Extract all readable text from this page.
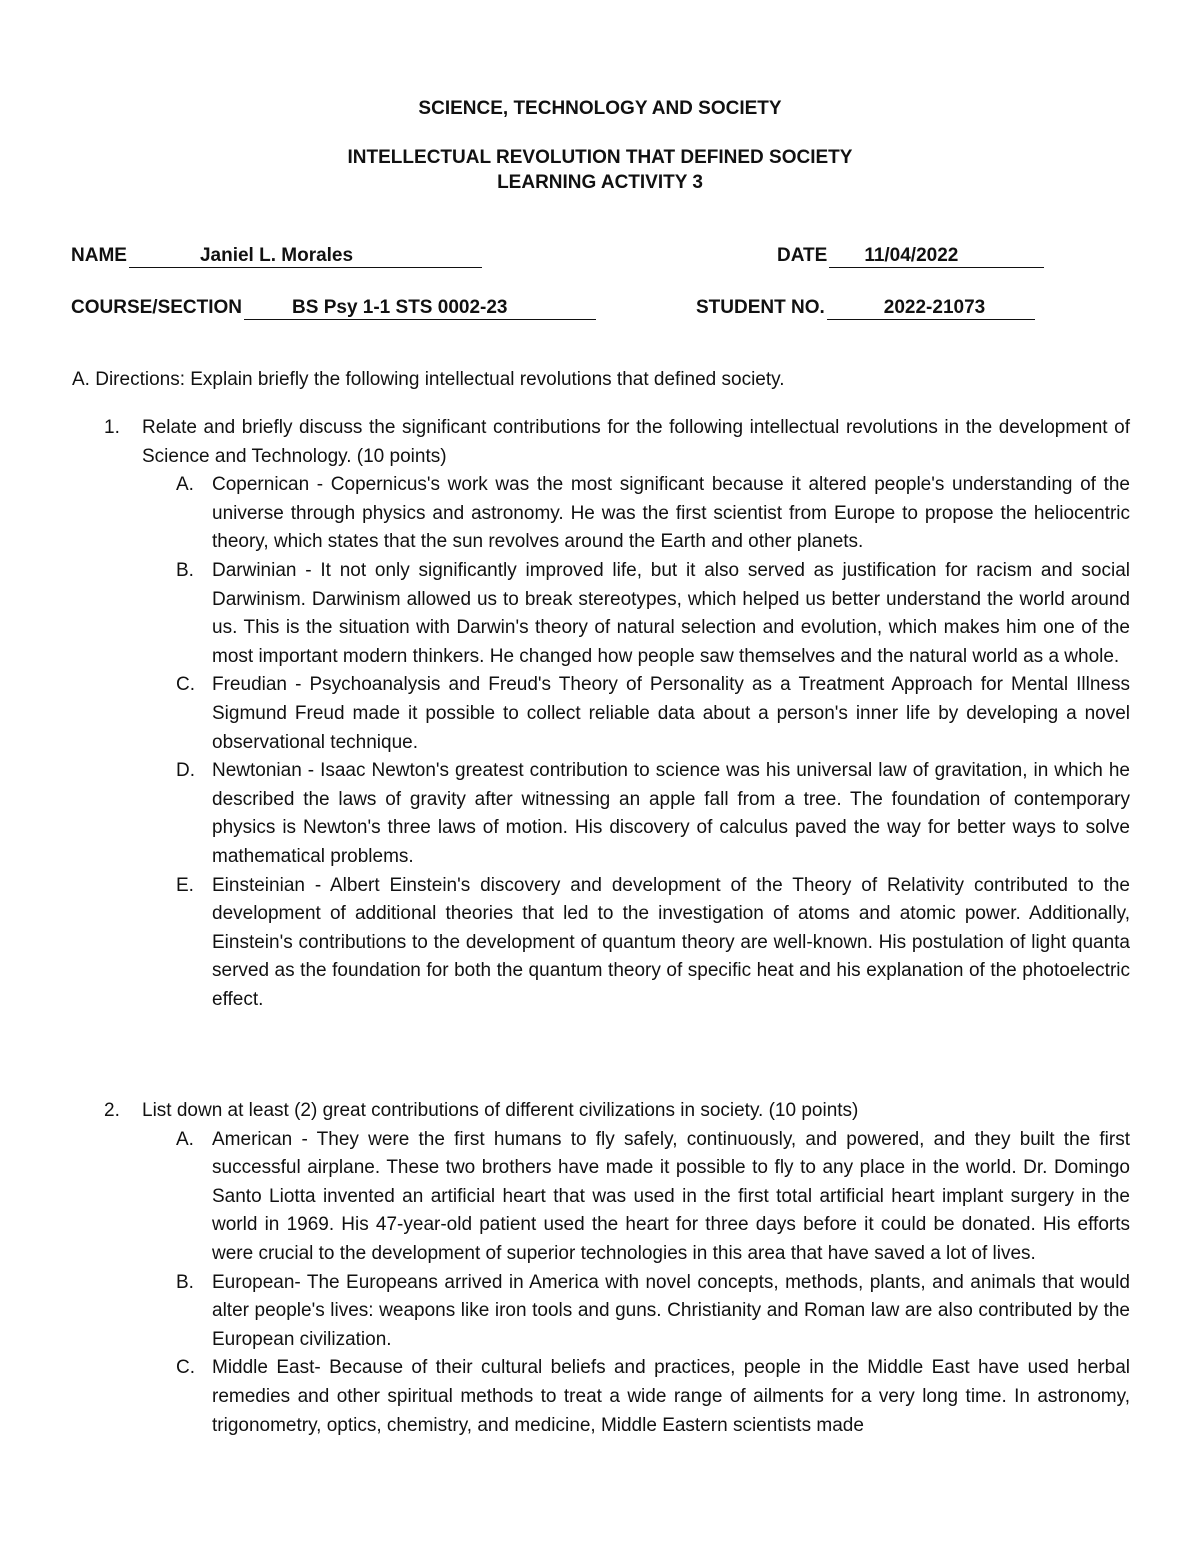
SCIENCE, TECHNOLOGY AND SOCIETY
INTELLECTUAL REVOLUTION THAT DEFINED SOCIETY
LEARNING ACTIVITY 3
NAME	Janiel L. Morales	DATE 11/04/2022
COURSE/SECTION	BS Psy 1-1 STS 0002-23	STUDENT NO.	2022-21073
A. Directions: Explain briefly the following intellectual revolutions that defined society.
1. Relate and briefly discuss the significant contributions for the following intellectual revolutions in the development of Science and Technology. (10 points)
A. Copernican - Copernicus's work was the most significant because it altered people's understanding of the universe through physics and astronomy. He was the first scientist from Europe to propose the heliocentric theory, which states that the sun revolves around the Earth and other planets.
B. Darwinian - It not only significantly improved life, but it also served as justification for racism and social Darwinism. Darwinism allowed us to break stereotypes, which helped us better understand the world around us. This is the situation with Darwin's theory of natural selection and evolution, which makes him one of the most important modern thinkers. He changed how people saw themselves and the natural world as a whole.
C. Freudian - Psychoanalysis and Freud's Theory of Personality as a Treatment Approach for Mental Illness Sigmund Freud made it possible to collect reliable data about a person's inner life by developing a novel observational technique.
D. Newtonian - Isaac Newton's greatest contribution to science was his universal law of gravitation, in which he described the laws of gravity after witnessing an apple fall from a tree. The foundation of contemporary physics is Newton's three laws of motion. His discovery of calculus paved the way for better ways to solve mathematical problems.
E. Einsteinian - Albert Einstein's discovery and development of the Theory of Relativity contributed to the development of additional theories that led to the investigation of atoms and atomic power. Additionally, Einstein's contributions to the development of quantum theory are well-known. His postulation of light quanta served as the foundation for both the quantum theory of specific heat and his explanation of the photoelectric effect.
2. List down at least (2) great contributions of different civilizations in society. (10 points)
A. American - They were the first humans to fly safely, continuously, and powered, and they built the first successful airplane. These two brothers have made it possible to fly to any place in the world. Dr. Domingo Santo Liotta invented an artificial heart that was used in the first total artificial heart implant surgery in the world in 1969. His 47-year-old patient used the heart for three days before it could be donated. His efforts were crucial to the development of superior technologies in this area that have saved a lot of lives.
B. European- The Europeans arrived in America with novel concepts, methods, plants, and animals that would alter people's lives: weapons like iron tools and guns. Christianity and Roman law are also contributed by the European civilization.
C. Middle East- Because of their cultural beliefs and practices, people in the Middle East have used herbal remedies and other spiritual methods to treat a wide range of ailments for a very long time. In astronomy, trigonometry, optics, chemistry, and medicine, Middle Eastern scientists made
